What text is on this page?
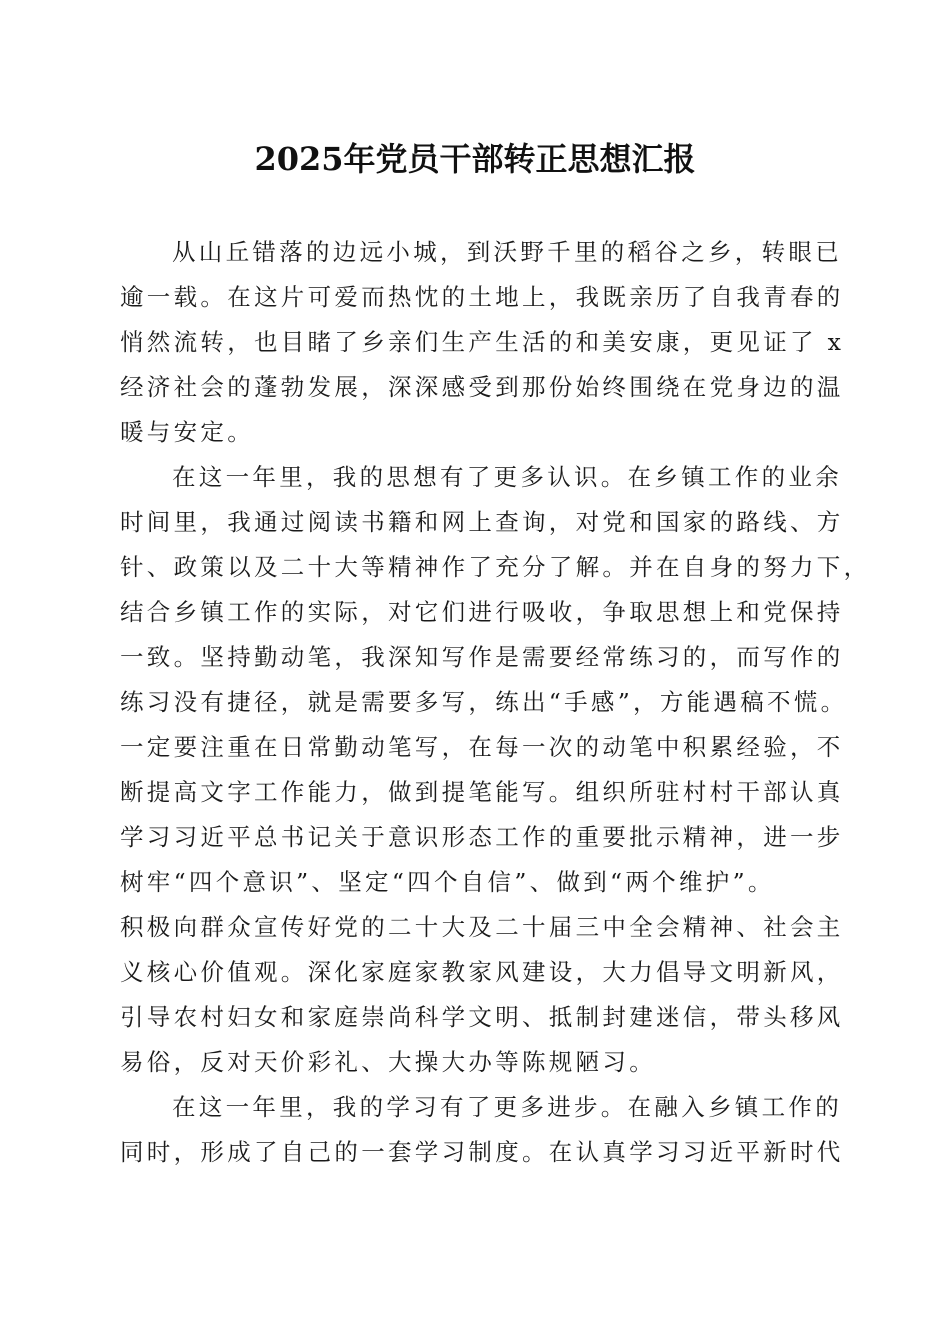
2025年党员干部转正思想汇报
从山丘错落的边远小城，到沃野千里的稻谷之乡，转眼已
逾一载。在这片可爱而热忱的土地上，我既亲历了自我青春的
悄然流转，也目睹了乡亲们生产生活的和美安康，更见证了 x
经济社会的蓬勃发展，深深感受到那份始终围绕在党身边的温
暖与安定。
在这一年里，我的思想有了更多认识。在乡镇工作的业余
时间里，我通过阅读书籍和网上查询，对党和国家的路线、方
针、政策以及二十大等精神作了充分了解。并在自身的努力下，
结合乡镇工作的实际，对它们进行吸收，争取思想上和党保持
一致。坚持勤动笔，我深知写作是需要经常练习的，而写作的
练习没有捷径，就是需要多写，练出“手感”，方能遇稿不慌。
一定要注重在日常勤动笔写，在每一次的动笔中积累经验，不
断提高文字工作能力，做到提笔能写。组织所驻村村干部认真
学习习近平总书记关于意识形态工作的重要批示精神，进一步
树牢“四个意识”、坚定“四个自信”、做到“两个维护”。
积极向群众宣传好党的二十大及二十届三中全会精神、社会主
义核心价值观。深化家庭家教家风建设，大力倡导文明新风，
引导农村妇女和家庭崇尚科学文明、抵制封建迷信，带头移风
易俗，反对天价彩礼、大操大办等陈规陋习。
在这一年里，我的学习有了更多进步。在融入乡镇工作的
同时，形成了自己的一套学习制度。在认真学习习近平新时代
